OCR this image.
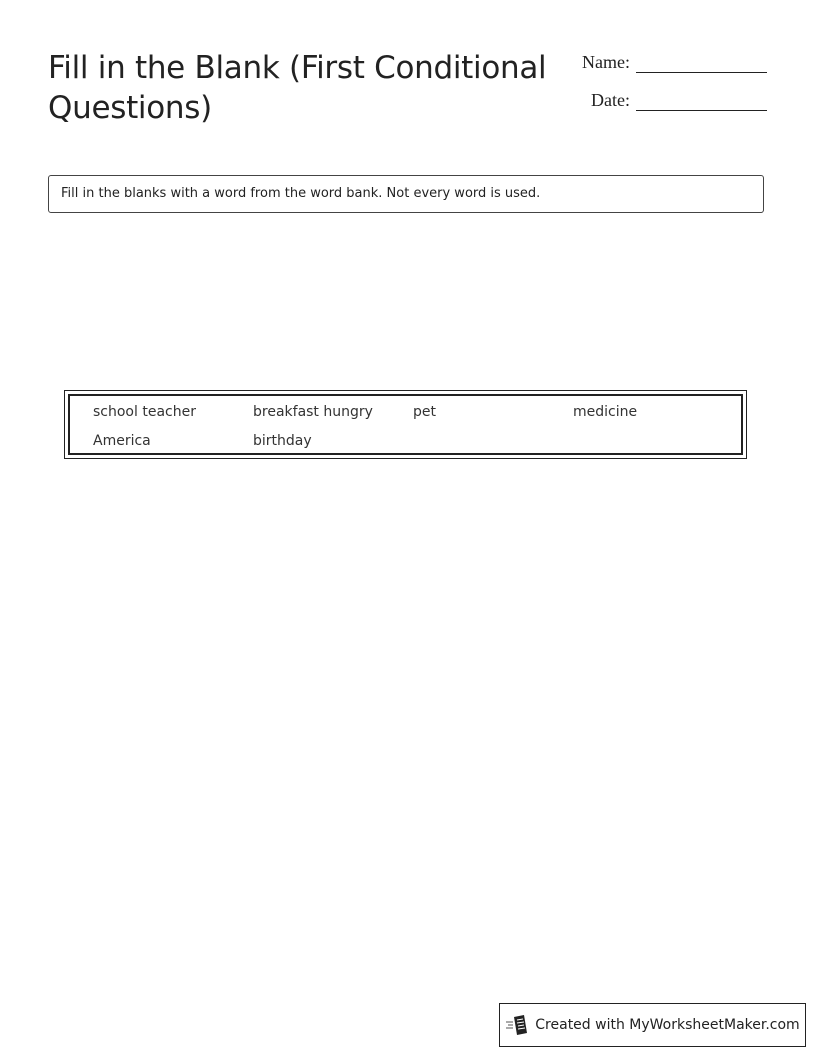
Fill in the Blank (First Conditional Questions)
Name:
Date:
Fill in the blanks with a word from the word bank. Not every word is used.
school teacher	breakfast hungry	pet	medicine
America	birthday
Created with MyWorksheetMaker.com
